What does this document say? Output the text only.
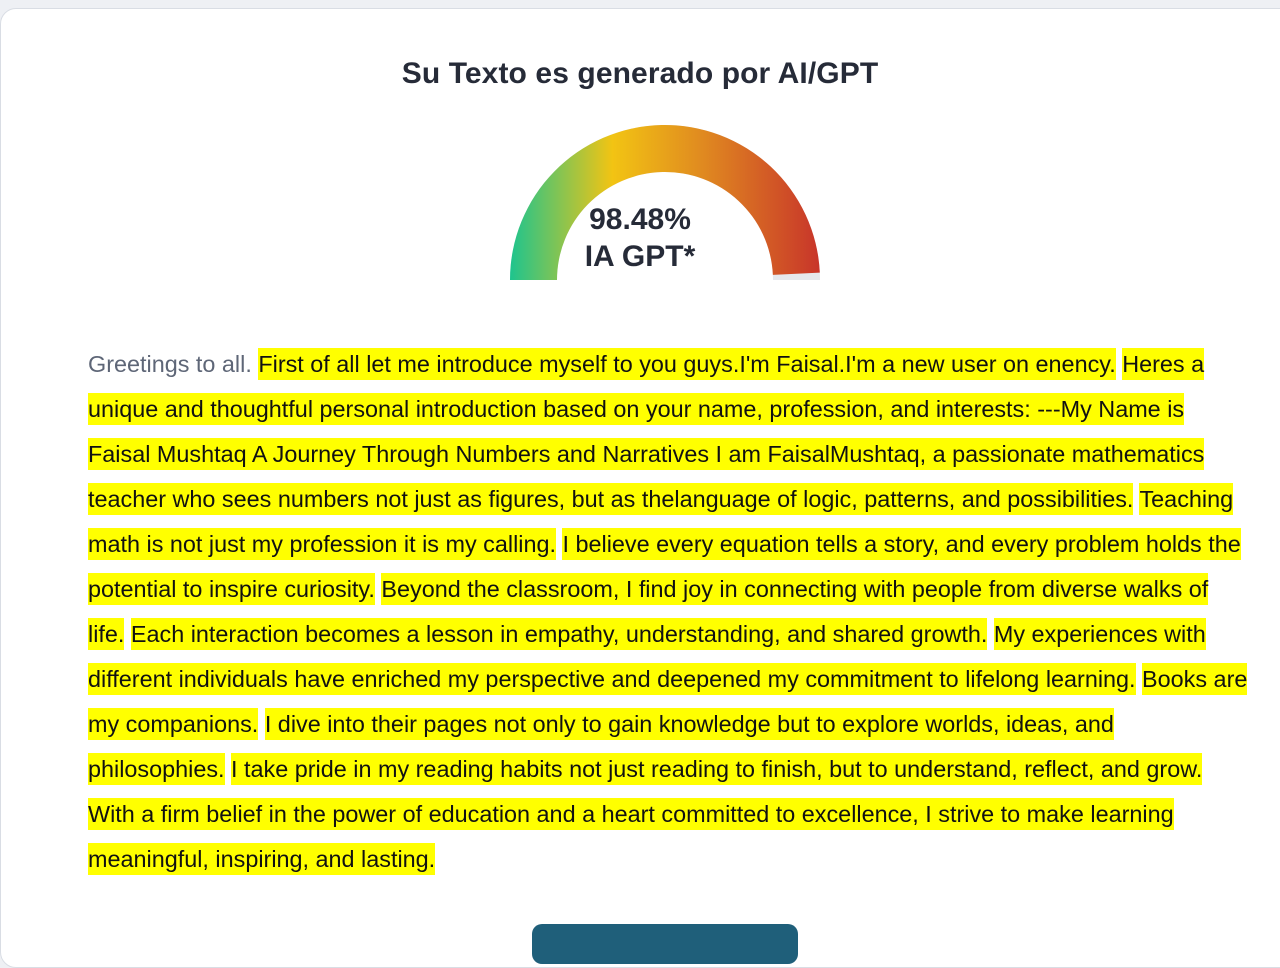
Su Texto es generado por AI/GPT
98.48%
IA GPT*
Greetings to all. First of all let me introduce myself to you guys.I'm Faisal.I'm a new user on enency. Heres a unique and thoughtful personal introduction based on your name, profession, and interests: ---My Name is Faisal Mushtaq A Journey Through Numbers and Narratives I am FaisalMushtaq, a passionate mathematics teacher who sees numbers not just as figures, but as thelanguage of logic, patterns, and possibilities. Teaching math is not just my profession it is my calling. I believe every equation tells a story, and every problem holds the potential to inspire curiosity. Beyond the classroom, I find joy in connecting with people from diverse walks of life. Each interaction becomes a lesson in empathy, understanding, and shared growth. My experiences with different individuals have enriched my perspective and deepened my commitment to lifelong learning. Books are my companions. I dive into their pages not only to gain knowledge but to explore worlds, ideas, and philosophies. I take pride in my reading habits not just reading to finish, but to understand, reflect, and grow. With a firm belief in the power of education and a heart committed to excellence, I strive to make learning meaningful, inspiring, and lasting.
